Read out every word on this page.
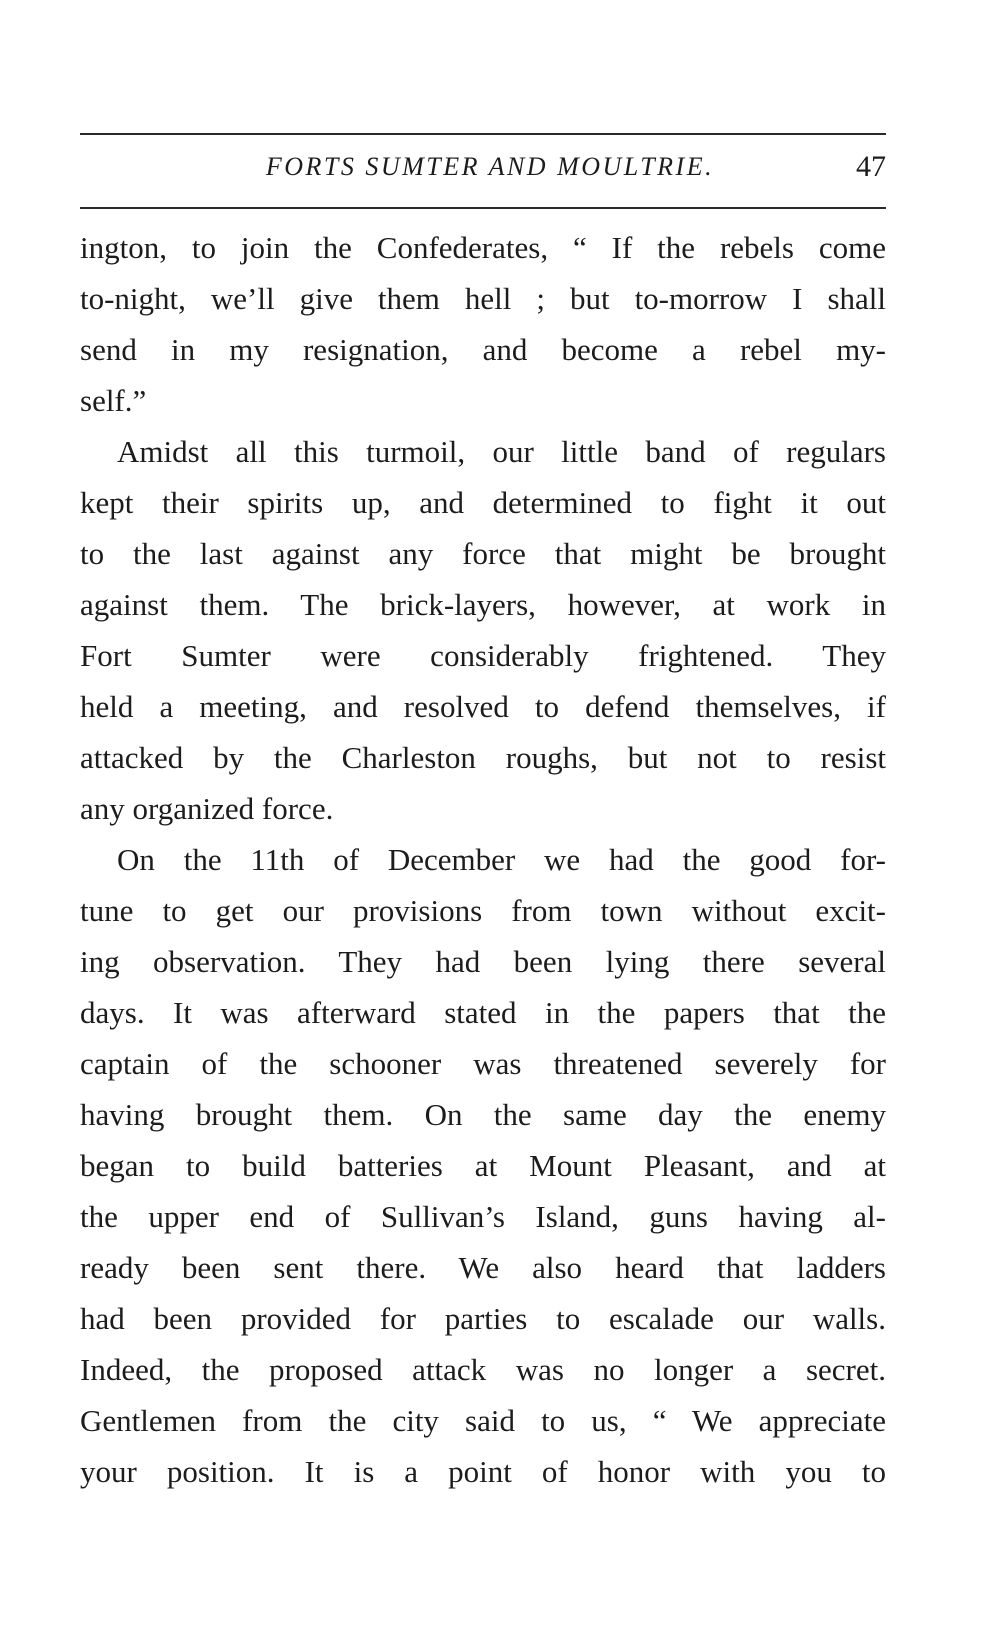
FORTS SUMTER AND MOULTRIE.	47
ington, to join the Confederates, “ If the rebels come
to-night, we’ll give them hell ; but to-morrow I shall
send in my resignation, and become a rebel my-
self.”
Amidst all this turmoil, our little band of regulars
kept their spirits up, and determined to fight it out
to the last against any force that might be brought
against them. The brick-layers, however, at work in
Fort Sumter were considerably frightened. They
held a meeting, and resolved to defend themselves, if
attacked by the Charleston roughs, but not to resist
any organized force.
On the 11th of December we had the good for-
tune to get our provisions from town without excit-
ing observation. They had been lying there several
days. It was afterward stated in the papers that the
captain of the schooner was threatened severely for
having brought them. On the same day the enemy
began to build batteries at Mount Pleasant, and at
the upper end of Sullivan’s Island, guns having al-
ready been sent there. We also heard that ladders
had been provided for parties to escalade our walls.
Indeed, the proposed attack was no longer a secret.
Gentlemen from the city said to us, “ We appreciate
your position. It is a point of honor with you to
